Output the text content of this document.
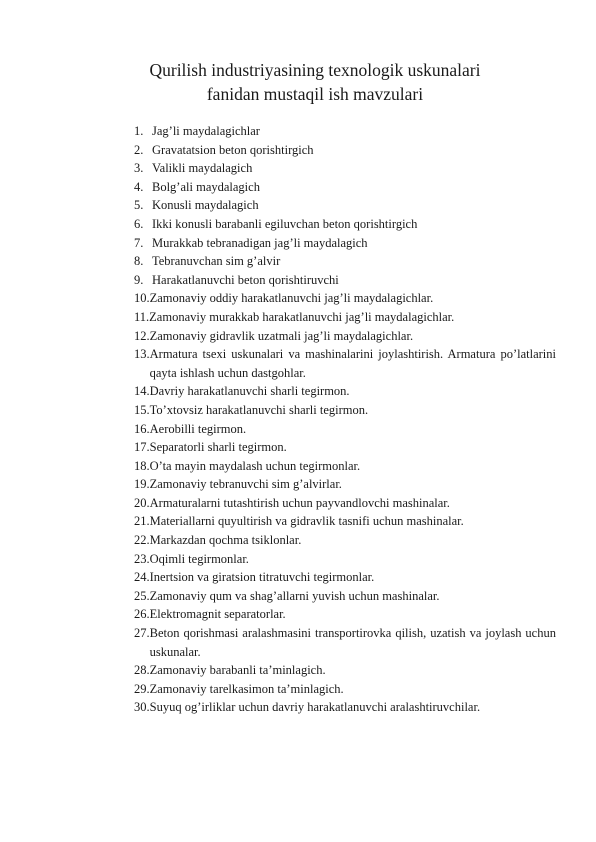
Qurilish industriyasining texnologik uskunalari
fanidan mustaqil ish mavzulari
1. Jag’li maydalagichlar
2. Gravatatsion beton qorishtirgich
3. Valikli maydalagich
4. Bolg’ali maydalagich
5. Konusli maydalagich
6. Ikki konusli barabanli egiluvchan beton qorishtirgich
7. Murakkab tebranadigan jag’li maydalagich
8. Tebranuvchan sim g’alvir
9. Harakatlanuvchi beton qorishtiruvchi
10. Zamonaviy oddiy harakatlanuvchi jag’li maydalagichlar.
11. Zamonaviy murakkab harakatlanuvchi jag’li maydalagichlar.
12. Zamonaviy gidravlik uzatmali jag’li maydalagichlar.
13. Armatura tsexi uskunalari va mashinalarini joylashtirish. Armatura po’latlarini qayta ishlash uchun dastgohlar.
14. Davriy harakatlanuvchi sharli tegirmon.
15. To’xtovsiz harakatlanuvchi sharli tegirmon.
16. Aerobilli tegirmon.
17. Separatorli sharli tegirmon.
18. O’ta mayin maydalash uchun tegirmonlar.
19. Zamonaviy tebranuvchi sim g’alvirlar.
20. Armaturalarni tutashtirish uchun payvandlovchi mashinalar.
21. Materiallarni quyultirish va gidravlik tasnifi uchun mashinalar.
22. Markazdan qochma tsiklonlar.
23. Oqimli tegirmonlar.
24. Inertsion va giratsion titratuvchi tegirmonlar.
25. Zamonaviy qum va shag’allarni yuvish uchun mashinalar.
26. Elektromagnit separatorlar.
27. Beton qorishmasi aralashmasini transportirovka qilish, uzatish va joylash uchun uskunalar.
28. Zamonaviy barabanli ta’minlagich.
29. Zamonaviy tarelkasimon ta’minlagich.
30. Suyuq og’irliklar uchun davriy harakatlanuvchi aralashtiruvchilar.
